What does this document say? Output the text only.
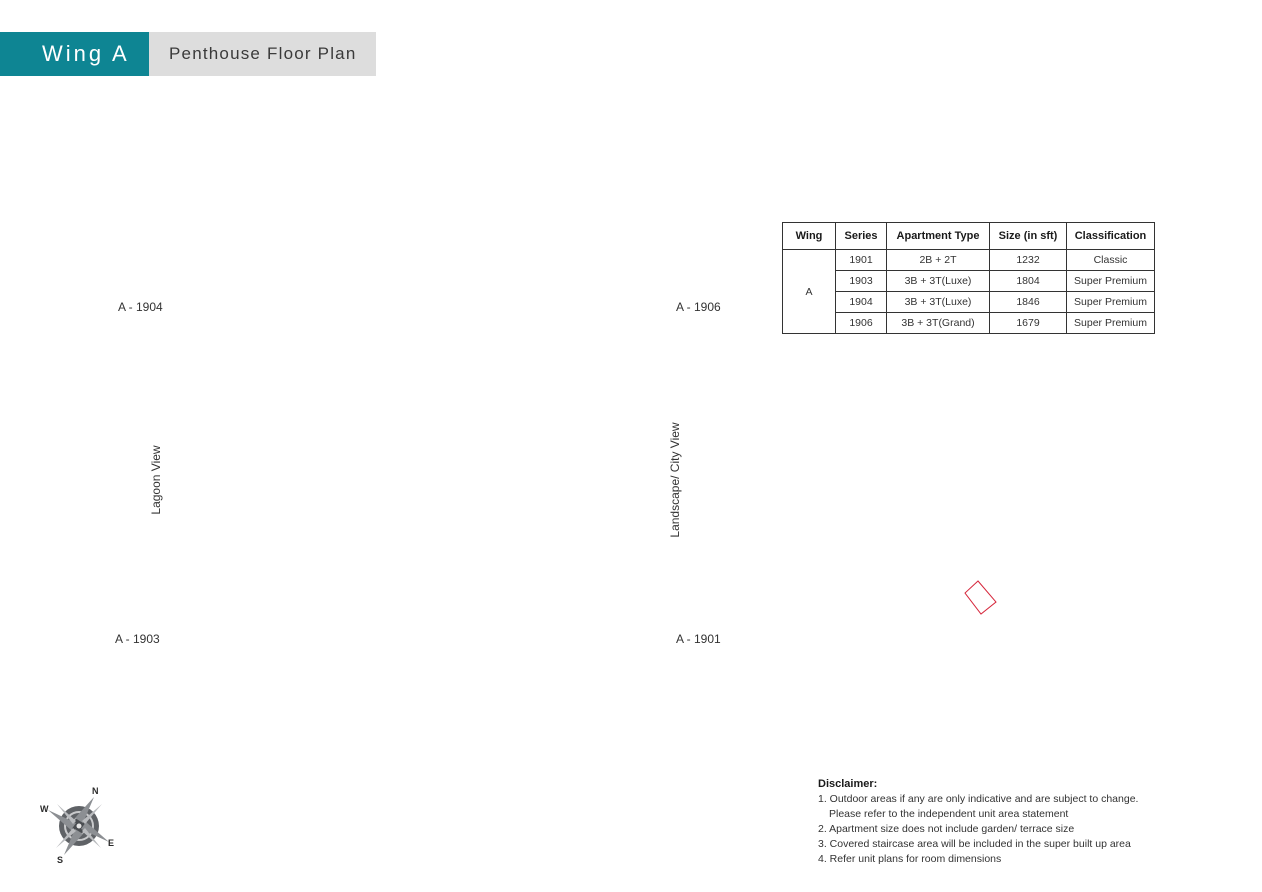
Wing A	Penthouse Floor Plan
A - 1904	A - 1906
A - 1903	A - 1901
Lagoon View	Landscape/ City View
Wing	Series	Apartment Type	Size (in sft)	Classification
A	1901	2B + 2T	1232	Classic
	1903	3B + 3T(Luxe)	1804	Super Premium
	1904	3B + 3T(Luxe)	1846	Super Premium
	1906	3B + 3T(Grand)	1679	Super Premium
N
E
S
W
Disclaimer:
1. Outdoor areas if any are only indicative and are subject to change.
Please refer to the independent unit area statement
2. Apartment size does not include garden/ terrace size
3. Covered staircase area will be included in the super built up area
4. Refer unit plans for room dimensions
